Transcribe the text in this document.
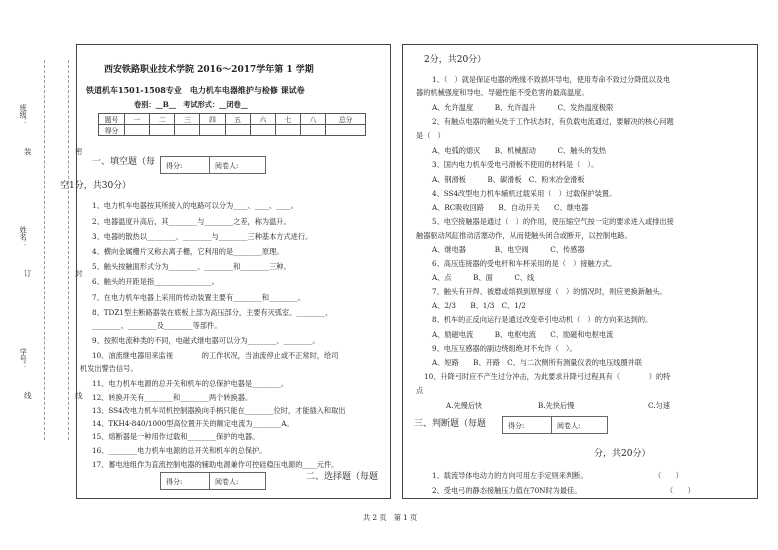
班级：
姓名：
学号：
装　密
订　封
线　线
西安铁路职业技术学院 2016～2017学年第 1 学期
铁道机车1501-1508专业　电力机车电器维护与检修 课试卷
卷别：__B__　考试形式：__闭卷__
题号	一	二	三	四	五	六	七	八	总分
得分									
一、填空题（每	得分:	阅卷人:
空1分，共30分）
1、电力机车电器按其所接入的电路可以分为____、____、____。
2、电器温度升高后，其________与________之差，称为温升。
3、电器的散热以________、________与________三种基本方式进行。
4、横向金属栅片又称去离子栅，它利用的是________原理。
5、触头按触面形式分为________、________和________三种。
6、触头的开距是指________________。
7、在电力机车电器上采用的传动装置主要有________和________。
8、TDZ1型主断路器装在底板上部为高压部分，主要有灭弧室、________、
________、________及________等部件。
9、按照电流种类的不同，电磁式继电器可以分为________、________。
10、油流继电器用来监视　　　　的工作状况，当油流停止或不正常时，给司
机发出警告信号。
11、电力机车电源的总开关和机车的总保护电器是________。
12、转换开关有________和________两个转换器。
13、SS4改电力机车司机控制器换向手柄只能在________位时，才能插入和取出
14、TKH4-840/1000型高位置开关的额定电流为________A。
15、熔断器是一种用作过载和________保护的电器。
16、________电力机车电源的总开关和机车的总保护。
17、蓄电池组作为直流控制电器的辅助电源兼作可控硅稳压电源的____元件。
得分:	阅卷人:	二、选择题（每题
2分，共20分）
1、（　）就是保证电器的绝缘不致损坏导电，使用寿命不致过分降低以及电
器的机械强度和导电、导磁性能不受危害的最高温度。
A、允许温度　　　B、允许温升　　　C、发热温度极限
2、有触点电器的触头处于工作状态时，有负载电流通过，要解决的核心问题
是（　）
A、电弧的熄灭　　B、机械振动　　　C、触头的发热
3、国内电力机车受电弓滑板不使用的材料是（　）。
A、钢滑板　　　B、碳滑板　C、粉末冶金滑板
4、SS4改型电力机车辅机过载采用（　）过载保护装置。
A、RC吸收回路　　B、自动开关　　C、继电器
5、电空接触器是通过（　）的作用，使压缩空气按一定的要求进入或排出接
触器驱动风缸推动活塞动作，从而使触头闭合或断开，以控制电路。
A、继电器　　　　B、电空阀　　　C、传感器
6、高压连接器的受电杆和车杯采用的是（　）接触方式。
A、点　　　B、面　　　C、线
7、触头有开焊、被磨或熔损到原厚度（　）的情况时，则应更换新触头。
A、2/3　　B、1/3　C、1/2
8、机车的正反向运行是通过改变牵引电动机（　）的方向来达到的。
A、励磁电流　　　B、电枢电流　　C、励磁和电枢电流
9、电压互感器的副边绕组绝对不允许（　）。
A、短路　　B、开路　C、与二次侧所有测量仪表的电压线圈并联
10、升降弓时应不产生过分冲击，为此要求升降弓过程具有（　　　　）的特
点
A.先慢后快	B.先快后慢	C.匀速
三、判断题（每题	得分:	阅卷人:
分，共20分）
1、载流导体电动力的方向可用左手定则来判断。	（　　）
2、受电弓的静态接触压力值在70N时为最佳。	（　　）
共 2 页　第 1 页
